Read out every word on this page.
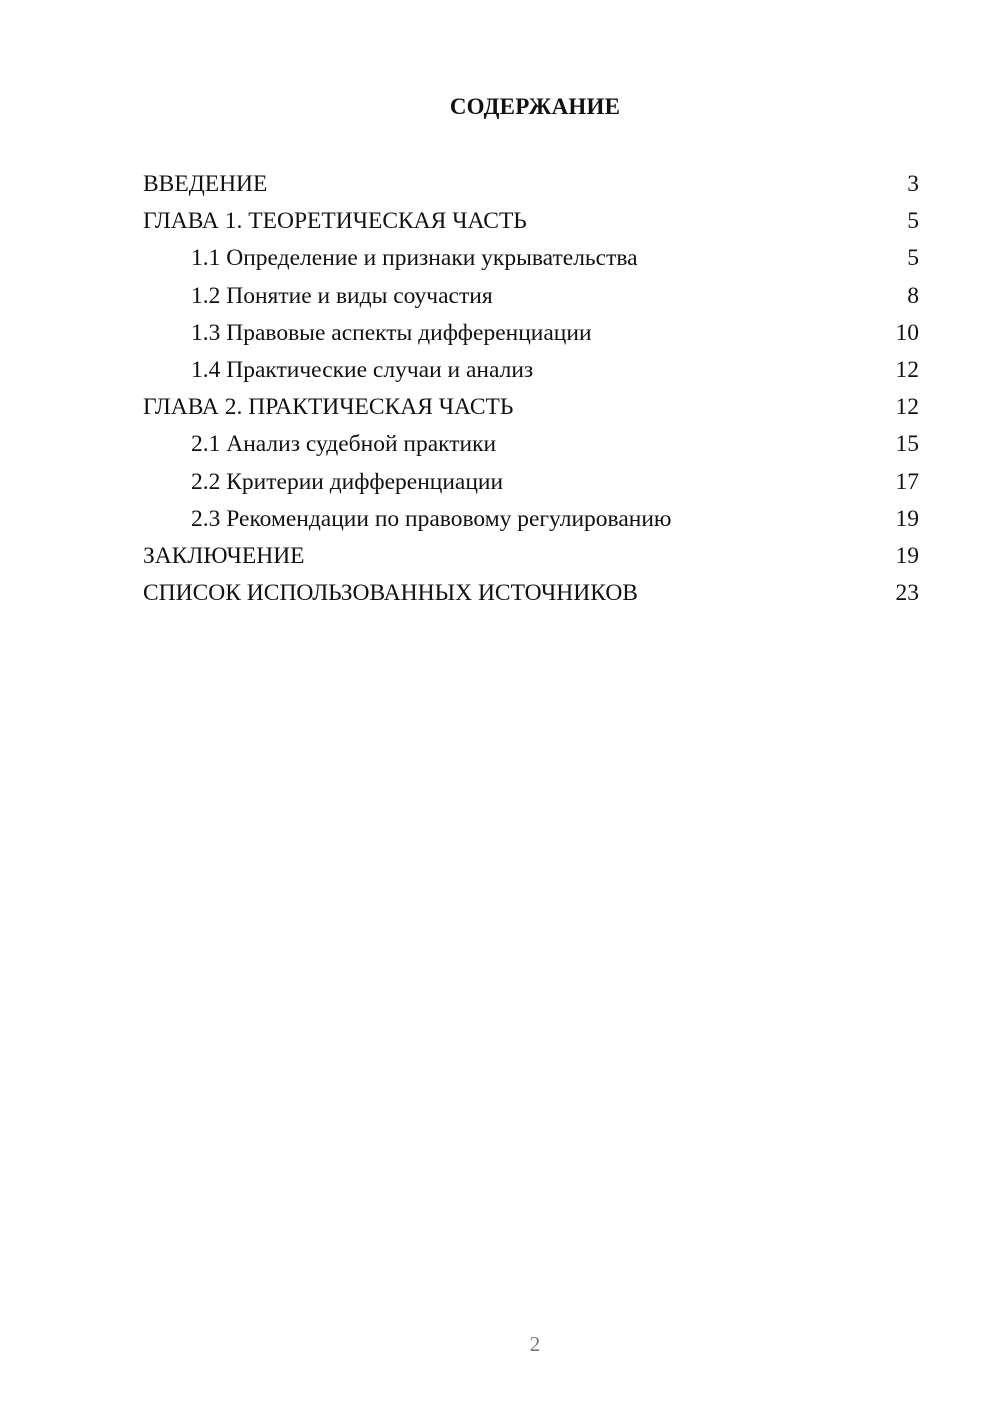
СОДЕРЖАНИЕ
ВВЕДЕНИЕ	3
ГЛАВА 1. ТЕОРЕТИЧЕСКАЯ ЧАСТЬ	5
1.1 Определение и признаки укрывательства	5
1.2 Понятие и виды соучастия	8
1.3 Правовые аспекты дифференциации	10
1.4 Практические случаи и анализ	12
ГЛАВА 2. ПРАКТИЧЕСКАЯ ЧАСТЬ	12
2.1 Анализ судебной практики	15
2.2 Критерии дифференциации	17
2.3 Рекомендации по правовому регулированию	19
ЗАКЛЮЧЕНИЕ	19
СПИСОК ИСПОЛЬЗОВАННЫХ ИСТОЧНИКОВ	23
2
